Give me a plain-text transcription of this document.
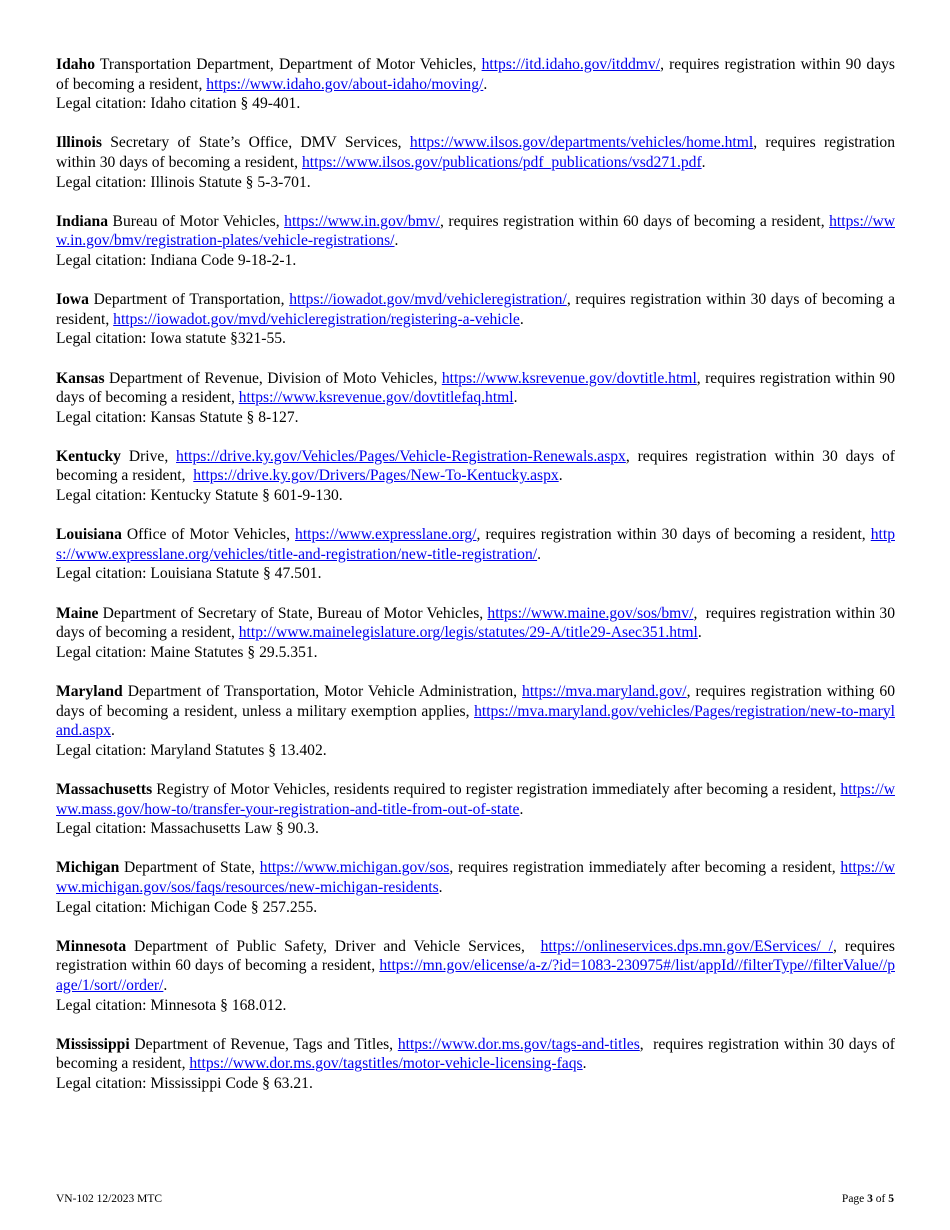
Idaho Transportation Department, Department of Motor Vehicles, https://itd.idaho.gov/itddmv/, requires registration within 90 days of becoming a resident, https://www.idaho.gov/about-idaho/moving/.

Legal citation: Idaho citation § 49-401.

Illinois Secretary of State’s Office, DMV Services, https://www.ilsos.gov/departments/vehicles/home.html, requires registration within 30 days of becoming a resident, https://www.ilsos.gov/publications/pdf_publications/vsd271.pdf.

Legal citation: Illinois Statute § 5-3-701.

Indiana Bureau of Motor Vehicles, https://www.in.gov/bmv/, requires registration within 60 days of becoming a resident, https://www.in.gov/bmv/registration-plates/vehicle-registrations/.

Legal citation: Indiana Code 9-18-2-1.

Iowa Department of Transportation, https://iowadot.gov/mvd/vehicleregistration/, requires registration within 30 days of becoming a resident, https://iowadot.gov/mvd/vehicleregistration/registering-a-vehicle.

Legal citation: Iowa statute §321-55.

Kansas Department of Revenue, Division of Moto Vehicles, https://www.ksrevenue.gov/dovtitle.html, requires registration within 90 days of becoming a resident, https://www.ksrevenue.gov/dovtitlefaq.html.

Legal citation: Kansas Statute § 8-127.

Kentucky Drive, https://drive.ky.gov/Vehicles/Pages/Vehicle-Registration-Renewals.aspx, requires registration within 30 days of becoming a resident,  https://drive.ky.gov/Drivers/Pages/New-To-Kentucky.aspx.

Legal citation: Kentucky Statute § 601-9-130.

Louisiana Office of Motor Vehicles, https://www.expresslane.org/, requires registration within 30 days of becoming a resident, https://www.expresslane.org/vehicles/title-and-registration/new-title-registration/.

Legal citation: Louisiana Statute § 47.501.

Maine Department of Secretary of State, Bureau of Motor Vehicles, https://www.maine.gov/sos/bmv/,  requires registration within 30 days of becoming a resident, http://www.mainelegislature.org/legis/statutes/29-A/title29-Asec351.html.

Legal citation: Maine Statutes § 29.5.351.

Maryland Department of Transportation, Motor Vehicle Administration, https://mva.maryland.gov/, requires registration withing 60 days of becoming a resident, unless a military exemption applies, https://mva.maryland.gov/vehicles/Pages/registration/new-to-maryland.aspx.

Legal citation: Maryland Statutes § 13.402.

Massachusetts Registry of Motor Vehicles, residents required to register registration immediately after becoming a resident, https://www.mass.gov/how-to/transfer-your-registration-and-title-from-out-of-state.

Legal citation: Massachusetts Law § 90.3.

Michigan Department of State, https://www.michigan.gov/sos, requires registration immediately after becoming a resident, https://www.michigan.gov/sos/faqs/resources/new-michigan-residents.

Legal citation: Michigan Code § 257.255.

Minnesota Department of Public Safety, Driver and Vehicle Services,  https://onlineservices.dps.mn.gov/EServices/_/, requires registration within 60 days of becoming a resident, https://mn.gov/elicense/a-z/?id=1083-230975#/list/appId//filterType//filterValue//page/1/sort//order/.

Legal citation: Minnesota § 168.012.

Mississippi Department of Revenue, Tags and Titles, https://www.dor.ms.gov/tags-and-titles,  requires registration within 30 days of becoming a resident, https://www.dor.ms.gov/tagstitles/motor-vehicle-licensing-faqs.

Legal citation: Mississippi Code § 63.21.

VN-102 12/2023 MTC	Page 3 of 5
